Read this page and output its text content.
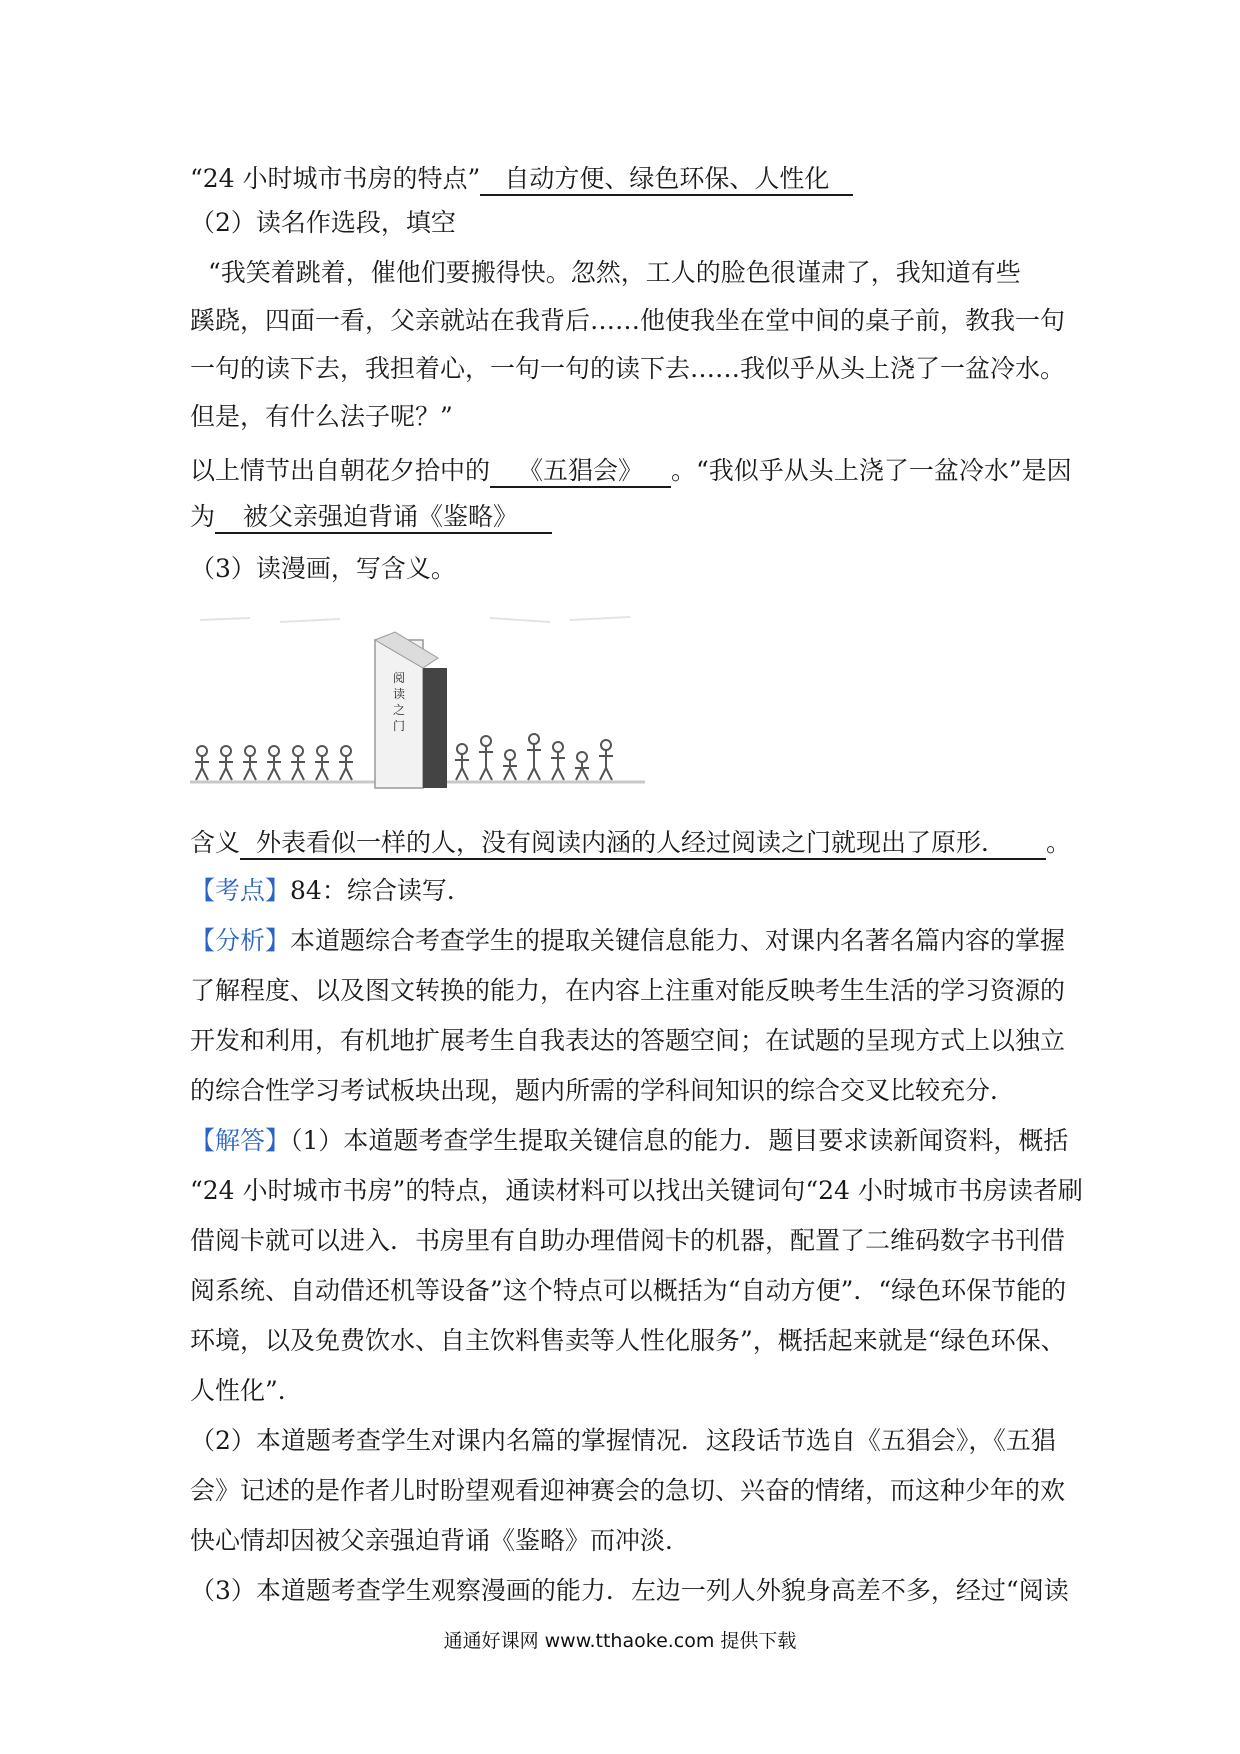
“24 小时城市书房的特点” 自动方便、绿色环保、人性化
（2）读名作选段，填空
“我笑着跳着，催他们要搬得快。忽然，工人的脸色很谨肃了，我知道有些
蹊跷，四面一看，父亲就站在我背后……他使我坐在堂中间的桌子前，教我一句
一句的读下去，我担着心，一句一句的读下去……我似乎从头上浇了一盆冷水。
但是，有什么法子呢？”
以上情节出自朝花夕拾中的 《五猖会》 。“我似乎从头上浇了一盆冷水”是因
为 被父亲强迫背诵《鉴略》
（3）读漫画，写含义。
阅读之门
含义 外表看似一样的人，没有阅读内涵的人经过阅读之门就现出了原形． 。
【考点】84：综合读写．
【分析】本道题综合考查学生的提取关键信息能力、对课内名著名篇内容的掌握
了解程度、以及图文转换的能力，在内容上注重对能反映考生生活的学习资源的
开发和利用，有机地扩展考生自我表达的答题空间；在试题的呈现方式上以独立
的综合性学习考试板块出现，题内所需的学科间知识的综合交叉比较充分．
【解答】（1）本道题考查学生提取关键信息的能力．题目要求读新闻资料，概括
“24 小时城市书房”的特点，通读材料可以找出关键词句“24 小时城市书房读者刷
借阅卡就可以进入．书房里有自助办理借阅卡的机器，配置了二维码数字书刊借
阅系统、自动借还机等设备”这个特点可以概括为“自动方便”．“绿色环保节能的
环境，以及免费饮水、自主饮料售卖等人性化服务”，概括起来就是“绿色环保、
人性化”．
（2）本道题考查学生对课内名篇的掌握情况．这段话节选自《五猖会》，《五猖
会》记述的是作者儿时盼望观看迎神赛会的急切、兴奋的情绪，而这种少年的欢
快心情却因被父亲强迫背诵《鉴略》而冲淡．
（3）本道题考查学生观察漫画的能力．左边一列人外貌身高差不多，经过“阅读
通通好课网 www.tthaoke.com 提供下载
